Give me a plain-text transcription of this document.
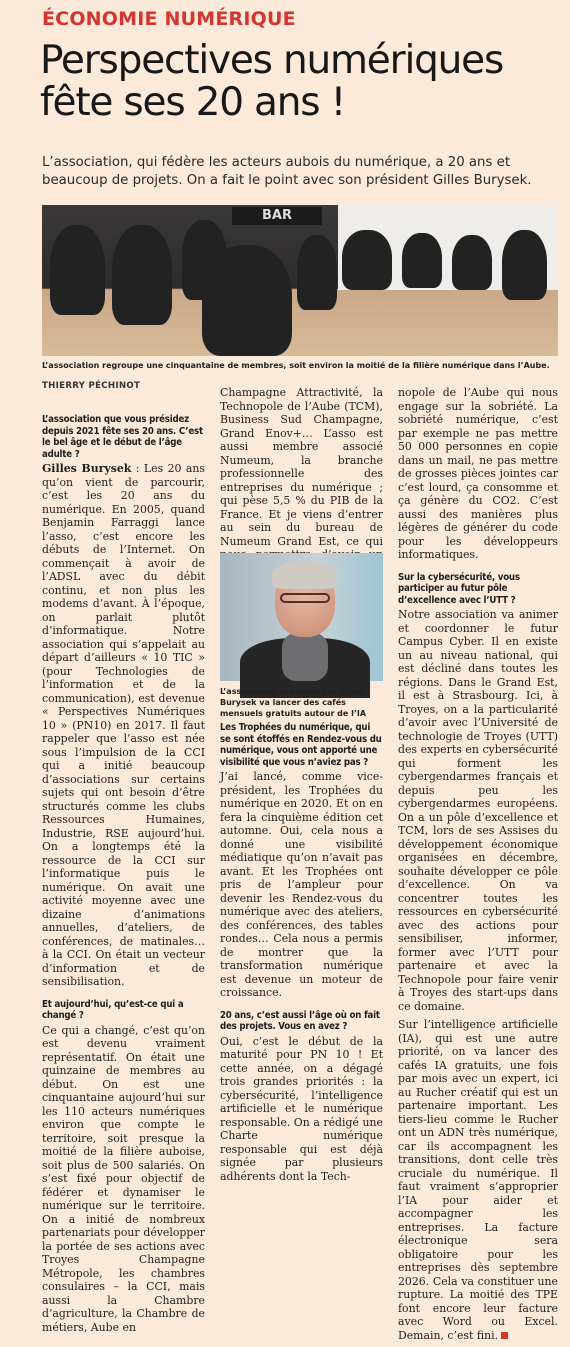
ÉCONOMIE NUMÉRIQUE
Perspectives numériques fête ses 20 ans !
L’association, qui fédère les acteurs aubois du numérique, a 20 ans et beaucoup de projets. On a fait le point avec son président Gilles Burysek.
BAR
L’association regroupe une cinquantaine de membres, soit environ la moitié de la filière numérique dans l’Aube.
THIERRY PÉCHINOT

L’association que vous présidez depuis 2021 fête ses 20 ans. C’est le bel âge et le début de l’âge adulte ?

Gilles Burysek : Les 20 ans qu’on vient de parcourir, c’est les 20 ans du numérique. En 2005, quand Benjamin Farraggi lance l’asso, c’est encore les débuts de l’Internet. On commençait à avoir de l’ADSL avec du débit continu, et non plus les modems d’avant. À l’époque, on parlait plutôt d’informatique. Notre association qui s’appelait au départ d’ailleurs « 10 TIC » (pour Technologies de l’information et de la communication), est devenue « Perspectives Numériques 10 » (PN10) en 2017. Il faut rappeler que l’asso est née sous l’impulsion de la CCI qui a initié beaucoup d’associations sur certains sujets qui ont besoin d’être structurés comme les clubs Ressources Humaines, Industrie, RSE aujourd’hui. On a longtemps été la ressource de la CCI sur l’informatique puis le numérique. On avait une activité moyenne avec une dizaine d’animations annuelles, d’ateliers, de conférences, de matinales… à la CCI. On était un vecteur d’information et de sensibilisation.

Et aujourd’hui, qu’est-ce qui a changé ?

Ce qui a changé, c’est qu’on est devenu vraiment représentatif. On était une quinzaine de membres au début. On est une cinquantaine aujourd’hui sur les 110 acteurs numériques environ que compte le territoire, soit presque la moitié de la filière auboise, soit plus de 500 salariés. On s’est fixé pour objectif de fédérer et dynamiser le numérique sur le territoire. On a initié de nombreux partenariats pour développer la portée de ses actions avec Troyes Champagne Métropole, les chambres consulaires – la CCI, mais aussi la Chambre d’agriculture, la Chambre de métiers, Aube en

Champagne Attractivité, la Technopole de l’Aube (TCM), Business Sud Champagne, Grand Enov+… L’asso est aussi membre associé Numeum, la branche professionnelle des entreprises du numérique ; qui pèse 5,5 % du PIB de la France. Et je viens d’entrer au sein du bureau de Numeum Grand Est, ce qui

L’association présidée par Gilles Burysek va lancer des cafés mensuels gratuits autour de l’IA

Les Trophées du numérique, qui se sont étoffés en Rendez-vous du numérique, vous ont apporté une visibilité que vous n’aviez pas ?

J’ai lancé, comme vice-président, les Trophées du numérique en 2020. Et on en fera la cinquième édition cet automne. Oui, cela nous a donné une visibilité médiatique qu’on n’avait pas avant. Et les Trophées ont pris de l’ampleur pour devenir les Rendez-vous du numérique avec des ateliers, des conférences, des tables rondes… Cela nous a permis de montrer que la transformation numérique est devenue un moteur de croissance.

20 ans, c’est aussi l’âge où on fait des projets. Vous en avez ?

Oui, c’est le début de la maturité pour PN 10 ! Et cette année, on a dégagé trois grandes priorités : la cybersécurité, l’intelligence artificielle et le numérique responsable. On a rédigé une Charte numérique responsable qui est déjà signée par plusieurs adhérents dont la Tech-

nopole de l’Aube qui nous engage sur la sobriété. La sobriété numérique, c’est par exemple ne pas mettre 50 000 personnes en copie dans un mail, ne pas mettre de grosses pièces jointes car c’est lourd, ça consomme et ça génère du CO2. C’est aussi des manières plus légères de générer du code pour les développeurs informatiques.

Sur la cybersécurité, vous participer au futur pôle d’excellence avec l’UTT ?

Notre association va animer et coordonner le futur Campus Cyber. Il en existe un au niveau national, qui est décliné dans toutes les régions. Dans le Grand Est, il est à Strasbourg. Ici, à Troyes, on a la particularité d’avoir avec l’Université de technologie de Troyes (UTT) des experts en cybersécurité qui forment les cybergendarmes français et depuis peu les cybergendarmes européens. On a un pôle d’excellence et TCM, lors de ses Assises du développement économique organisées en décembre, souhaite développer ce pôle d’excellence. On va concentrer toutes les ressources en cybersécurité avec des actions pour sensibiliser, informer, former avec l’UTT pour partenaire et avec la Technopole pour faire venir à Troyes des start-ups dans ce domaine.

Sur l’intelligence artificielle (IA), qui est une autre priorité, on va lancer des cafés IA gratuits, une fois par mois avec un expert, ici au Rucher créatif qui est un partenaire important. Les tiers-lieu comme le Rucher ont un ADN très numérique, car ils accompagnent les transitions, dont celle très cruciale du numérique. Il faut vraiment s’approprier l’IA pour aider et accompagner les entreprises. La facture électronique sera obligatoire pour les entreprises dès septembre 2026. Cela va constituer une rupture. La moitié des TPE font encore leur facture avec Word ou Excel. Demain, c’est fini.
